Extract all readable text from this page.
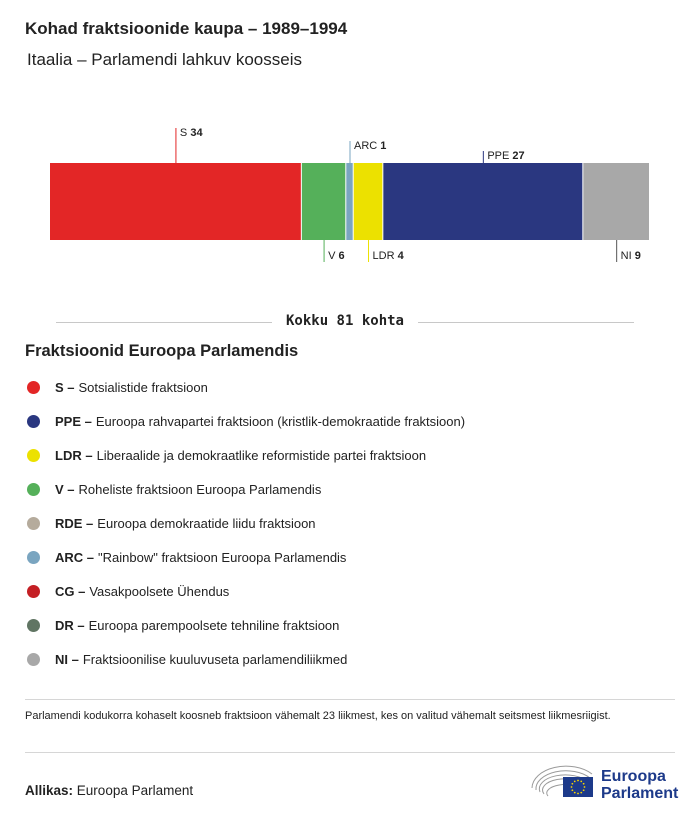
Kohad fraktsioonide kaupa – 1989–1994
Itaalia – Parlamendi lahkuv koosseis
S 34
V 6
ARC 1
LDR 4
PPE 27
NI 9
Kokku 81 kohta
Fraktsioonid Euroopa Parlamendis
S – Sotsialistide fraktsioon
PPE – Euroopa rahvapartei fraktsioon (kristlik-demokraatide fraktsioon)
LDR – Liberaalide ja demokraatlike reformistide partei fraktsioon
V – Roheliste fraktsioon Euroopa Parlamendis
RDE – Euroopa demokraatide liidu fraktsioon
ARC – "Rainbow" fraktsioon Euroopa Parlamendis
CG – Vasakpoolsete Ühendus
DR – Euroopa parempoolsete tehniline fraktsioon
NI – Fraktsioonilise kuuluvuseta parlamendiliikmed
Parlamendi kodukorra kohaselt koosneb fraktsioon vähemalt 23 liikmest, kes on valitud vähemalt seitsmest liikmesriigist.
Allikas: Euroopa Parlament
Euroopa
Parlament
